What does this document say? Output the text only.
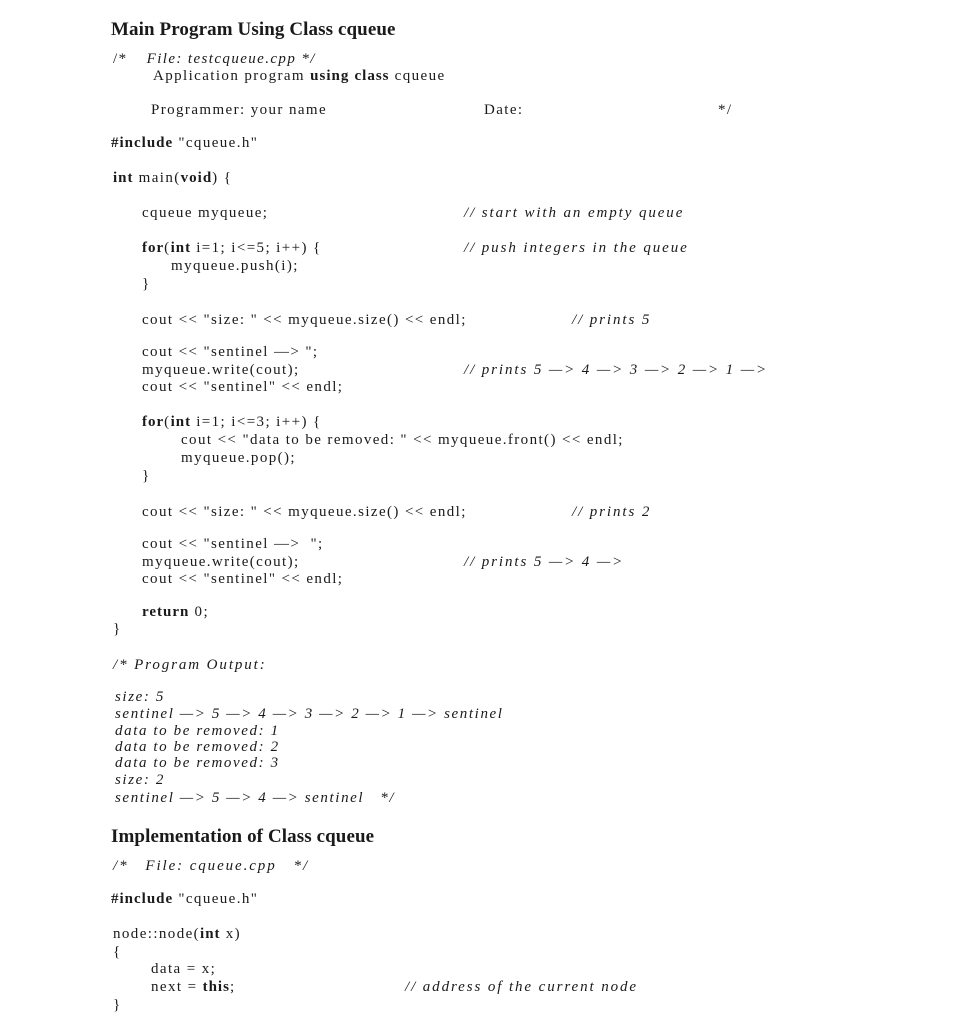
Main Program Using Class cqueue
/* File: testcqueue.cpp */
Application program using class cqueue
Programmer: your name	Date:	*/
#include "cqueue.h"
int main(void) {
cqueue myqueue;	// start with an empty queue
for(int i=1; i<=5; i++) {	// push integers in the queue
myqueue.push(i);
}
cout << "size: " << myqueue.size() << endl;	// prints 5
cout << "sentinel —> ";
myqueue.write(cout);	// prints 5 —> 4 —> 3 —> 2 —> 1 —>
cout << "sentinel" << endl;
for(int i=1; i<=3; i++) {
cout << "data to be removed: " << myqueue.front() << endl;
myqueue.pop();
}
cout << "size: " << myqueue.size() << endl;	// prints 2
cout << "sentinel —>  ";
myqueue.write(cout);	// prints 5 —> 4 —>
cout << "sentinel" << endl;
return 0;
}
/* Program Output:
size: 5
sentinel —> 5 —> 4 —> 3 —> 2 —> 1 —> sentinel
data to be removed: 1
data to be removed: 2
data to be removed: 3
size: 2
sentinel —> 5 —> 4 —> sentinel   */
Implementation of Class cqueue
/*   File: cqueue.cpp   */
#include "cqueue.h"
node::node(int x)
{
data = x;
next = this;	// address of the current node
}
